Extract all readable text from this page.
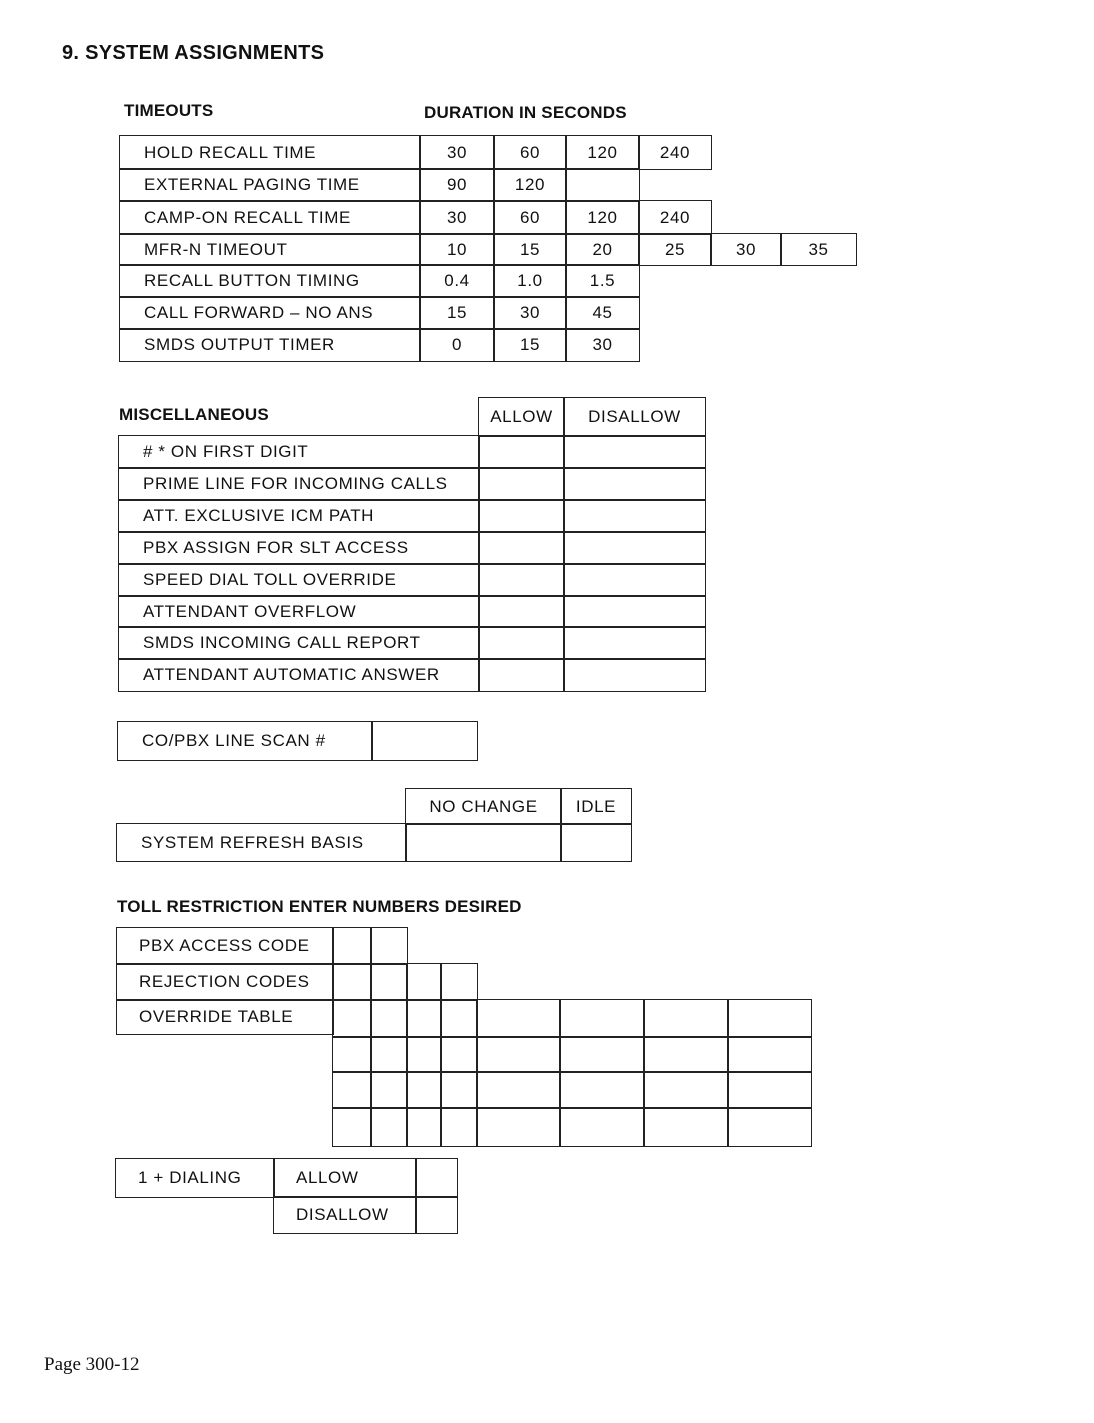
9. SYSTEM ASSIGNMENTS
TIMEOUTS	DURATION IN SECONDS
HOLD RECALL TIME	30	60	120	240
EXTERNAL PAGING TIME	90	120
CAMP-ON RECALL TIME	30	60	120	240
MFR-N TIMEOUT	10	15	20	25	30	35
RECALL BUTTON TIMING	0.4	1.0	1.5
CALL FORWARD – NO ANS	15	30	45
SMDS OUTPUT TIMER	0	15	30
MISCELLANEOUS	ALLOW	DISALLOW
# * ON FIRST DIGIT
PRIME LINE FOR INCOMING CALLS
ATT. EXCLUSIVE ICM PATH
PBX ASSIGN FOR SLT ACCESS
SPEED DIAL TOLL OVERRIDE
ATTENDANT OVERFLOW
SMDS INCOMING CALL REPORT
ATTENDANT AUTOMATIC ANSWER
CO/PBX LINE SCAN #
NO CHANGE	IDLE
SYSTEM REFRESH BASIS
TOLL RESTRICTION ENTER NUMBERS DESIRED
PBX ACCESS CODE
REJECTION CODES
OVERRIDE TABLE
1 + DIALING	ALLOW
DISALLOW
Page 300-12
